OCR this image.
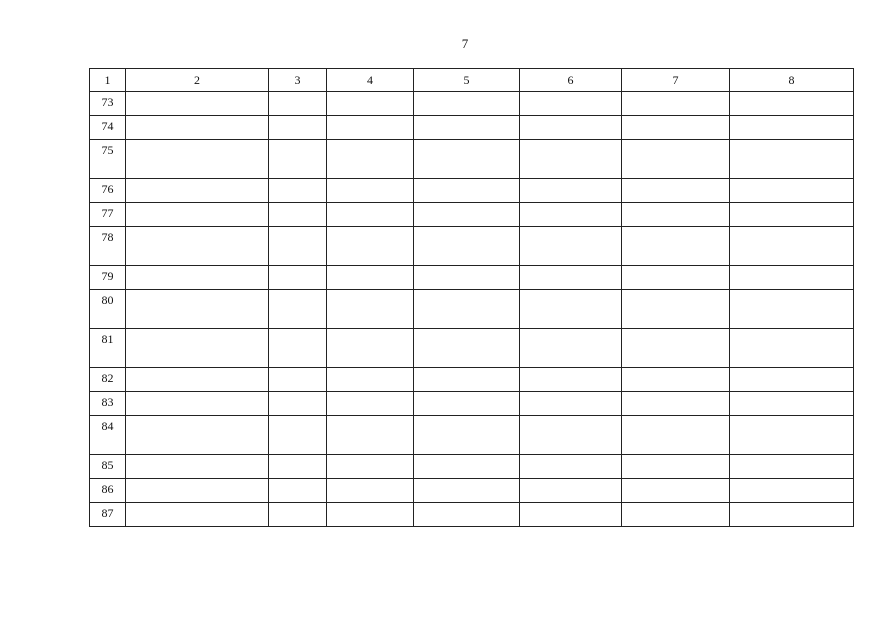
7
1	2	3	4	5	6	7	8
73							
74							
75							
76							
77							
78							
79							
80							
81							
82							
83							
84							
85							
86							
87							
